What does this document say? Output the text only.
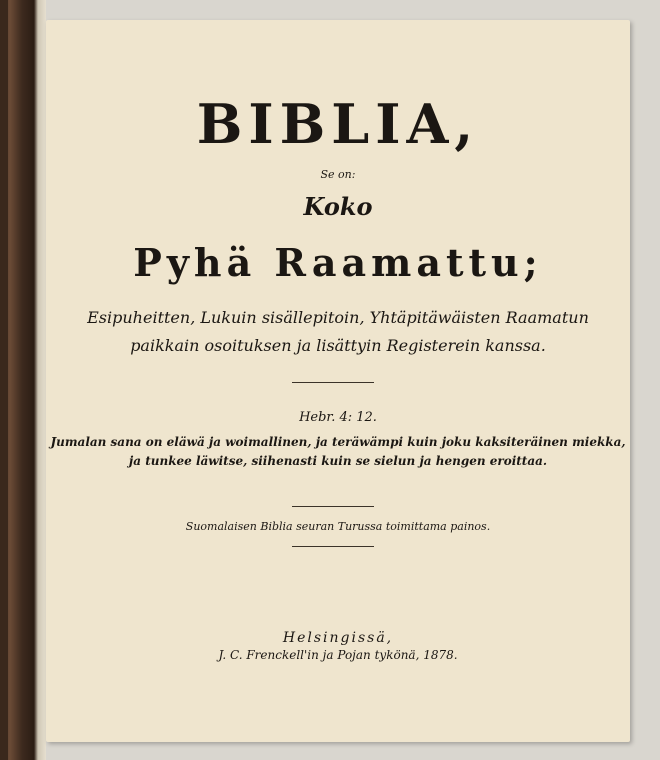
BIBLIA,
Se on:
Koko
Pyhä Raamattu;
Esipuheitten, Lukuin sisällepitoin, Yhtäpitäwäisten Raamatun
paikkain osoituksen ja lisättyin Registerein kanssa.
Hebr. 4: 12.
Jumalan sana on eläwä ja woimallinen, ja teräwämpi kuin joku kaksiteräinen miekka,
ja tunkee läwitse, siihenasti kuin se sielun ja hengen eroittaa.
Suomalaisen Biblia seuran Turussa toimittama painos.
Helsingissä,
J. C. Frenckell'in ja Pojan tykönä, 1878.
